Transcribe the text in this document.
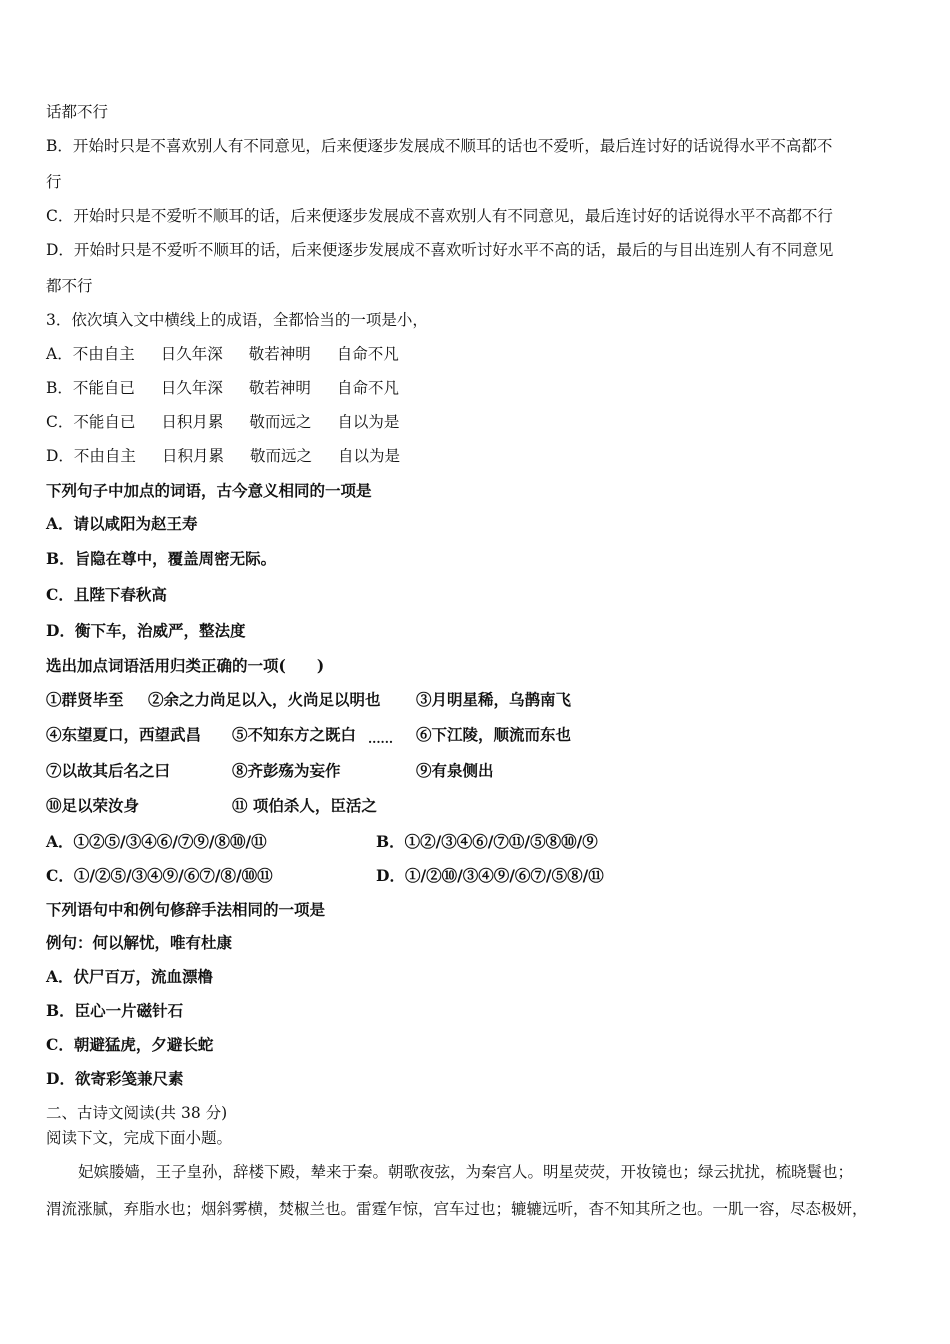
话都不行
B．开始时只是不喜欢别人有不同意见，后来便逐步发展成不顺耳的话也不爱听，最后连讨好的话说得水平不高都不
行
C．开始时只是不爱听不顺耳的话，后来便逐步发展成不喜欢别人有不同意见，最后连讨好的话说得水平不高都不行
D．开始时只是不爱听不顺耳的话，后来便逐步发展成不喜欢听讨好水平不高的话，最后的与目出连别人有不同意见
都不行
3．依次填入文中横线上的成语，全都恰当的一项是小，
A．不由自主 日久年深 敬若神明 自命不凡
B．不能自已 日久年深 敬若神明 自命不凡
C．不能自已 日积月累 敬而远之 自以为是
D．不由自主 日积月累 敬而远之 自以为是
下列句子中加点的词语，古今意义相同的一项是
A．请以咸阳为赵王寿
B．旨隐在尊中，覆盖周密无际。
C．且陛下春秋高
D．衡下车，治威严，整法度
选出加点词语活用归类正确的一项(　　)
①群贤毕至 ②余之力尚足以入，火尚足以明也 ③月明星稀，乌鹊南飞
④东望夏口，西望武昌 ⑤不知东方之既白 ...... ⑥下江陵，顺流而东也
⑦以故其后名之曰	⑧齐彭殇为妄作	⑨有泉侧出
⑩足以荣汝身	⑪ 项伯杀人，臣活之
A．①②⑤/③④⑥/⑦⑨/⑧⑩/⑪	B．①②/③④⑥/⑦⑪/⑤⑧⑩/⑨
C．①/②⑤/③④⑨/⑥⑦/⑧/⑩⑪	D．①/②⑩/③④⑨/⑥⑦/⑤⑧/⑪
下列语句中和例句修辞手法相同的一项是
例句：何以解忧，唯有杜康
A．伏尸百万，流血漂橹
B．臣心一片磁针石
C．朝避猛虎，夕避长蛇
D．欲寄彩笺兼尺素
二、古诗文阅读(共 38 分)
阅读下文，完成下面小题。
妃嫔媵嫱，王子皇孙，辞楼下殿，辇来于秦。朝歌夜弦，为秦宫人。明星荧荧，开妆镜也；绿云扰扰，梳晓鬟也；
渭流涨腻，弃脂水也；烟斜雾横，焚椒兰也。雷霆乍惊，宫车过也；辘辘远听，杳不知其所之也。一肌一容，尽态极妍，
